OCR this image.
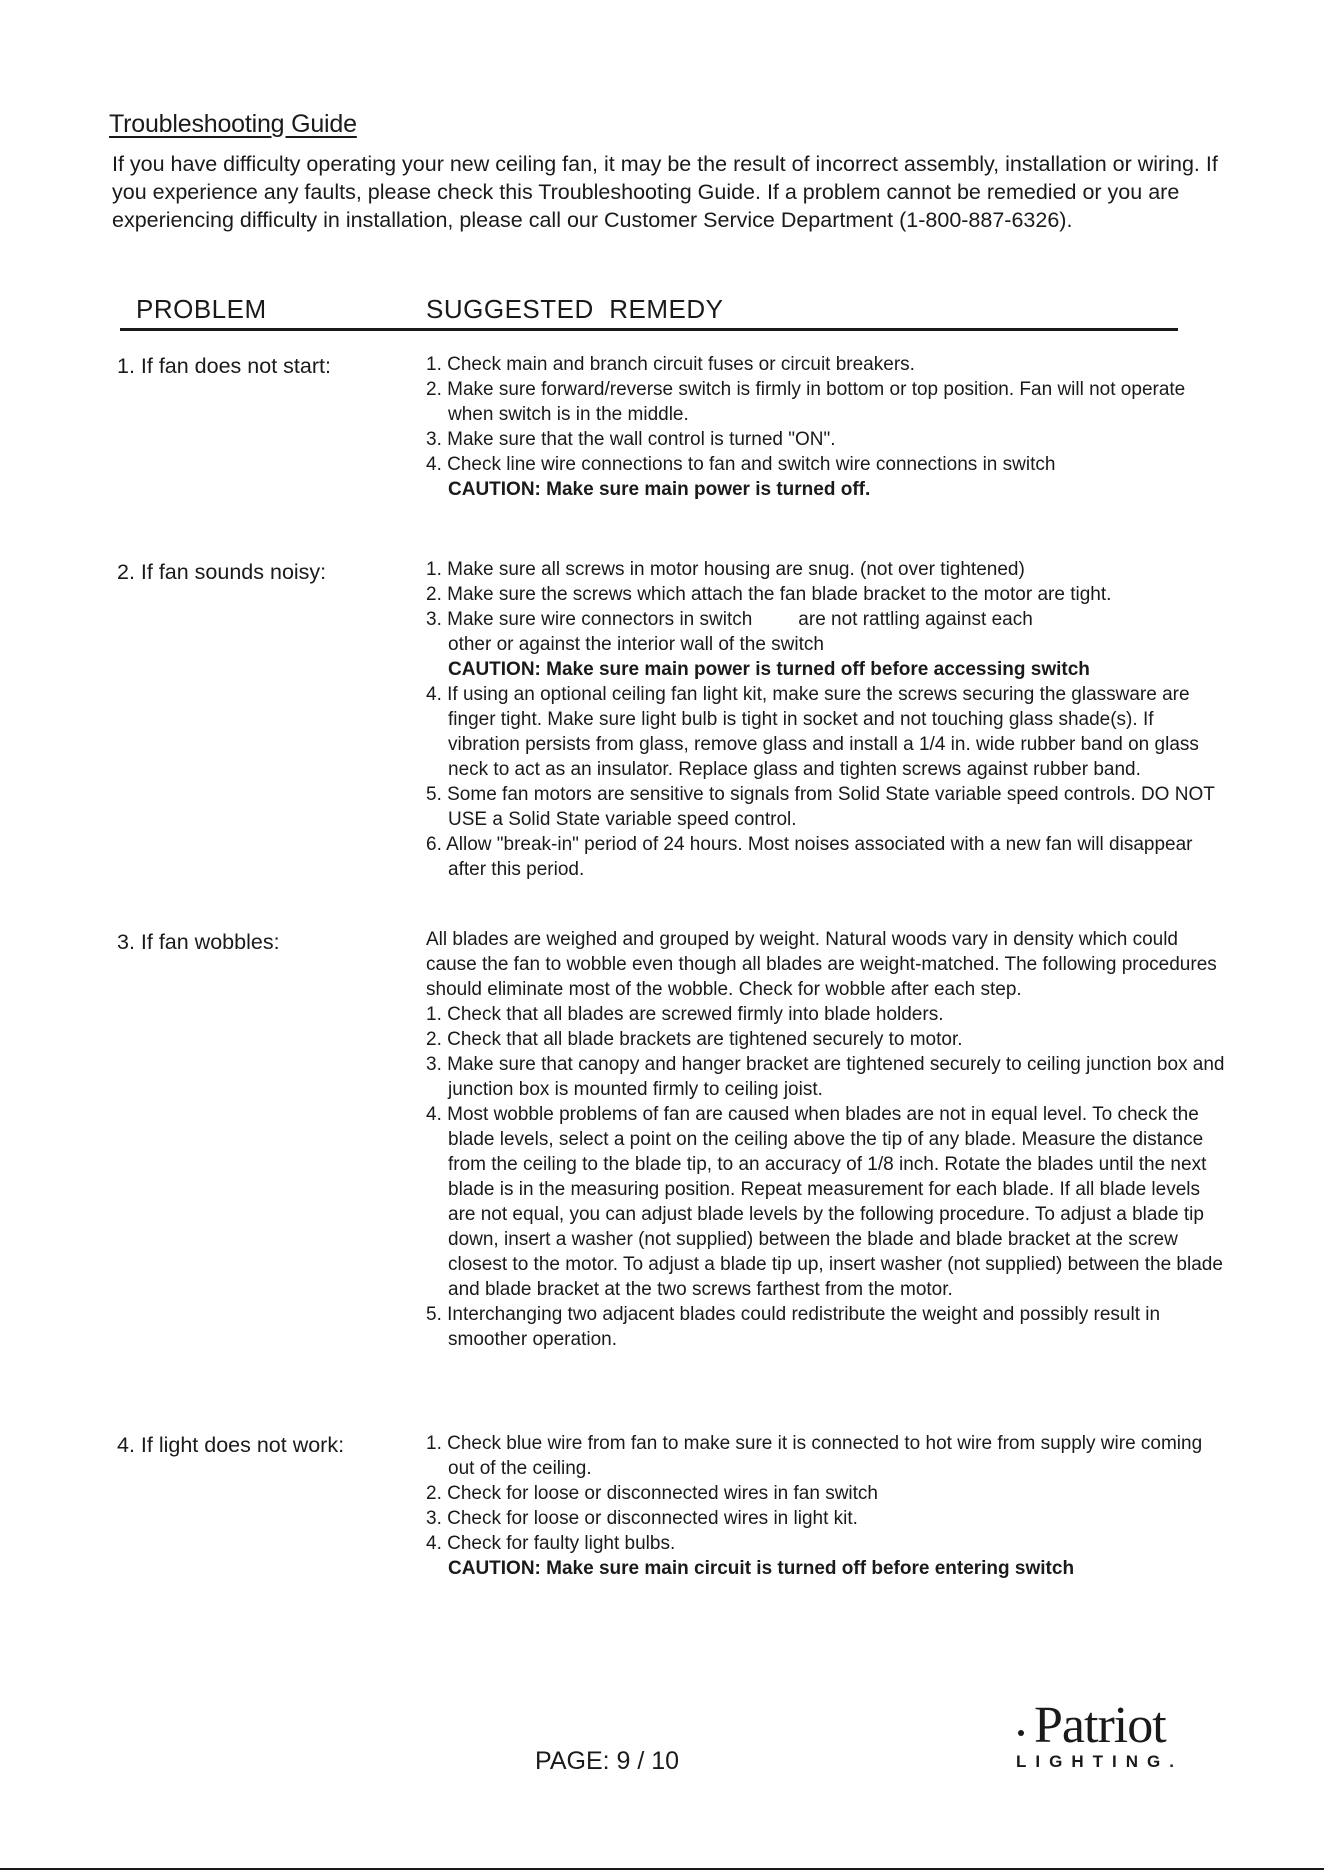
Troubleshooting Guide
If you have difficulty operating your new ceiling fan, it may be the result of incorrect assembly, installation or wiring. If you experience any faults, please check this Troubleshooting Guide. If a problem cannot be remedied or you are experiencing difficulty in installation, please call our Customer Service Department (1-800-887-6326).
PROBLEM	SUGGESTED  REMEDY
1. If fan does not start:	1. Check main and branch circuit fuses or circuit breakers.

2. Make sure forward/reverse switch is firmly in bottom or top position. Fan will not operate when switch is in the middle.

3. Make sure that the wall control is turned "ON".

4. Check line wire connections to fan and switch wire connections in switch

CAUTION: Make sure main power is turned off.

2. If fan sounds noisy:	1. Make sure all screws in motor housing are snug. (not over tightened)

2. Make sure the screws which attach the fan blade bracket to the motor are tight.

3. Make sure wire connectors in switch are not rattling against each

other or against the interior wall of the switch

CAUTION: Make sure main power is turned off before accessing switch

4. If using an optional ceiling fan light kit, make sure the screws securing the glassware are finger tight. Make sure light bulb is tight in socket and not touching glass shade(s). If vibration persists from glass, remove glass and install a 1/4 in. wide rubber band on glass neck to act as an insulator. Replace glass and tighten screws against rubber band.

5. Some fan motors are sensitive to signals from Solid State variable speed controls. DO NOT USE a Solid State variable speed control.

6. Allow "break-in" period of 24 hours. Most noises associated with a new fan will disappear after this period.

3. If fan wobbles:	All blades are weighed and grouped by weight. Natural woods vary in density which could cause the fan to wobble even though all blades are weight-matched. The following procedures should eliminate most of the wobble. Check for wobble after each step.

1. Check that all blades are screwed firmly into blade holders.

2. Check that all blade brackets are tightened securely to motor.

3. Make sure that canopy and hanger bracket are tightened securely to ceiling junction box and junction box is mounted firmly to ceiling joist.

4. Most wobble problems of fan are caused when blades are not in equal level. To check the blade levels, select a point on the ceiling above the tip of any blade. Measure the distance from the ceiling to the blade tip, to an accuracy of 1/8 inch. Rotate the blades until the next blade is in the measuring position. Repeat measurement for each blade. If all blade levels are not equal, you can adjust blade levels by the following procedure. To adjust a blade tip down, insert a washer (not supplied) between the blade and blade bracket at the screw closest to the motor. To adjust a blade tip up, insert washer (not supplied) between the blade and blade bracket at the two screws farthest from the motor.

5. Interchanging two adjacent blades could redistribute the weight and possibly result in smoother operation.

4. If light does not work:	1. Check blue wire from fan to make sure it is connected to hot wire from supply wire coming out of the ceiling.

2. Check for loose or disconnected wires in fan switch

3. Check for loose or disconnected wires in light kit.

4. Check for faulty light bulbs.

CAUTION: Make sure main circuit is turned off before entering switch

PAGE: 9 / 10
Patriot
LIGHTING.
